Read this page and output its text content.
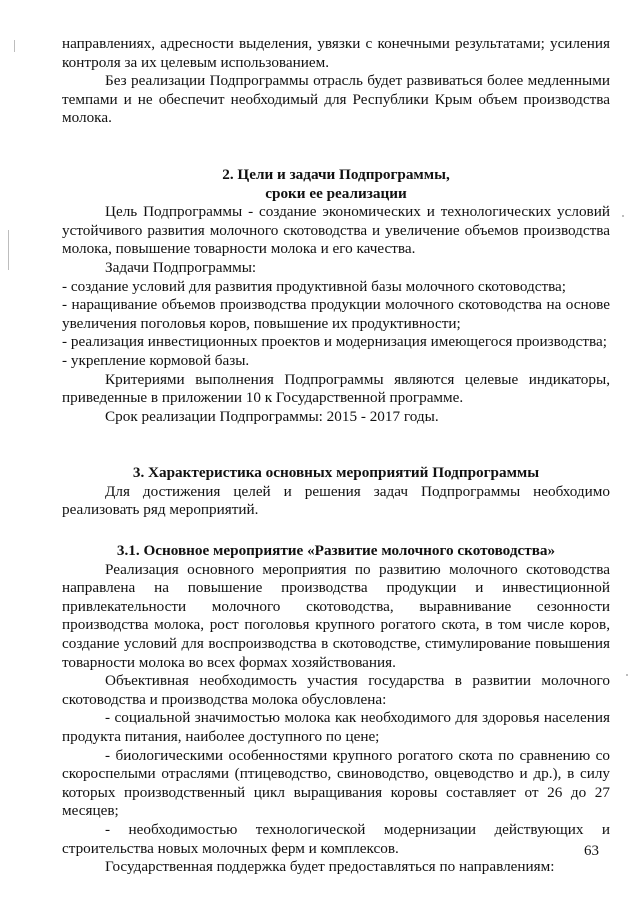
направлениях, адресности выделения, увязки с конечными результатами; усиления контроля за их целевым использованием.

Без реализации Подпрограммы отрасль будет развиваться более медленными темпами и не обеспечит необходимый для Республики Крым объем производства молока.

2. Цели и задачи Подпрограммы,

сроки ее реализации

Цель Подпрограммы - создание экономических и технологических условий устойчивого развития молочного скотоводства и увеличение объемов производства молока, повышение товарности молока и его качества.

Задачи Подпрограммы:

- создание условий для развития продуктивной базы молочного скотоводства;

- наращивание объемов производства продукции молочного скотоводства на основе увеличения поголовья коров, повышение их продуктивности;

- реализация инвестиционных проектов и модернизация имеющегося производства;

- укрепление кормовой базы.

Критериями выполнения Подпрограммы являются целевые индикаторы, приведенные в приложении 10 к Государственной программе.

Срок реализации Подпрограммы: 2015 - 2017 годы.

3. Характеристика основных мероприятий Подпрограммы

Для достижения целей и решения задач Подпрограммы необходимо реализовать ряд мероприятий.

3.1. Основное мероприятие «Развитие молочного скотоводства»

Реализация основного мероприятия по развитию молочного скотоводства направлена на повышение производства продукции и инвестиционной привлекательности молочного скотоводства, выравнивание сезонности производства молока, рост поголовья крупного рогатого скота, в том числе коров, создание условий для воспроизводства в скотоводстве, стимулирование повышения товарности молока во всех формах хозяйствования.

Объективная необходимость участия государства в развитии молочного скотоводства и производства молока обусловлена:

- социальной значимостью молока как необходимого для здоровья населения продукта питания, наиболее доступного по цене;

- биологическими особенностями крупного рогатого скота по сравнению со скороспелыми отраслями (птицеводство, свиноводство, овцеводство и др.), в силу которых производственный цикл выращивания коровы составляет от 26 до 27 месяцев;

- необходимостью технологической модернизации действующих и строительства новых молочных ферм и комплексов.

Государственная поддержка будет предоставляться по направлениям:

63
